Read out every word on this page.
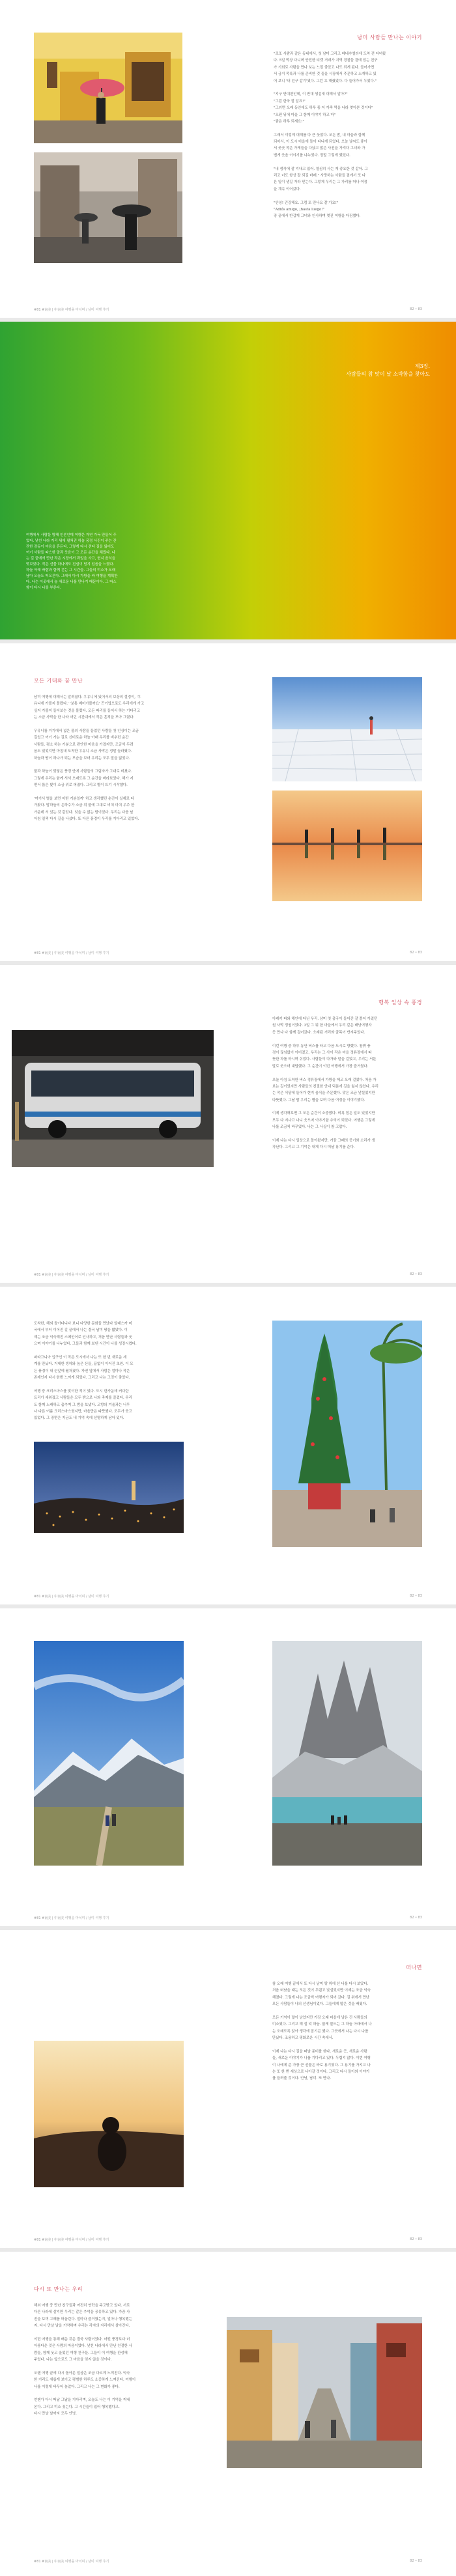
남미 사람들 만나는 이야기
"로또 사람과 같은 동네에서, 첫 남미 그리고 베네수엘라에 도착 전 다녀왔
다. 5일 막상 다니며 안전한 티켓 거래가 지역 경찰들 곁에 있는 친구
가 기회로 사람을 만나 보는 느낌 좋았고 나도 되게 된다. 들어가면
서 금지 목록과 나를 준비한 것 들을 시장에서 주문하고 소개하고 있
어 보니 '내 친구 같기'였다. 그런 초 해줬었다. 다 들어가서 두었다."
"지구 반대편인데, 이 반대 생김새 대해서 알아?"
"그럼 한국 잘 알죠!"
"그러면 오래 동안에도 하루 좀 저 가족 먹을 나라 찾아본 것이다"
"오랜 뒤에 마을 그 함께 이야기 하고 마"
"좋은 하루 되세요!"
그래서 이렇게 대해를 다 큰 웃었다. 모든 밤, 내 마을과 함께
되어서, 이 도시 마을에 돌아 다니게 되었다. 오늘 날씨도 좋아
서 곳곳 작은 가게들을 다녔고 많은 사진을 가져다 그녀와 가
볍게 웃음 이야기를 나누었다. 정말 그렇게 했었다.
"내 생각에 잘 지내고 있어. 열심히 사는 게 중요한 것 같아. 그
리고 너도 항상 잘 되길 바래." 사랑하는 사람들 곁에서 또 다
른 일이 생길 거라 믿는다. 그렇게 우리는 그 자리를 떠나 여정
을 계속 이어갔다.
"안녕! 건강해요. 그럼 또 만나요 잘 가요!"
"Adiós amigo, ¡hasta luego!"
장 끝에서 반갑게 그녀와 인사하며 멋진 여행을 다짐했다.
#81 #南美 | 中南美 여행을 마치며 / 남미 여행 후기	82 • 83
제3장.
사람들의 참 맛이 날 소박함을 찾아도
여행에서 사람들 방해 인본인데 여행은 자연 가득 만들어 주
었다. 낯선 나라 거리 위에 펼쳐진 하늘 풍경 사진이 주는 잔
잔한 감동이 마음을 흔든다. 그렇게 다시 걷다 길을 잃어도
여기 사람들 따스한 말과 웃음이 그 모든 순간을 채웠다. 나
는 길 끝에서 만난 작은 시장에서 과일을 사고, 현지 음식을
맛보았다. 작은 선물 하나에도 진심이 담겨 있음을 느꼈다.
하늘 아래 바람과 함께 걷는 그 시간들. 그들의 미소가 오래
남아 오늘도 떠오른다. 그래서 다시 가방을 싸 여행을 계획한
다. 나는 이곳에서 늘 새로운 나를 만나기 때문이다. 그 따스
함이 다시 나를 부른다.
모든 기대와 꿈 만난
남미 여행에 대해서는 알려졌다. 우유니에 있어서의 보상의 절경이, '우
유니에 가볼지 몰랐다.' '보통 베어가볼까요' 끈기업으로도 우리에게 가고
싶지 가볼지 들어보는 것을 불렀다. 모든 파리를 들어서 하는 기다리고
는 소금 사막을 한 나라 어딘 시간대에서 작은 흔적을 모아 그렸다.
우유니를 거기에서 넓은 물의 사람들 들었던 사람들 첫 인상이는 조금
길었고 여기 가는 길로 신비로운 하늘 아래 우리를 비추던 순간
사람들. 평소 하는 기분으로 편안한 마음을 가졌지만, 조금씩 두려
움도 있었지만 마침내 도착한 우유니 소금 사막은 정말 놀라웠다.
하늘과 땅이 하나가 되는 모습을 보며 우리는 모두 말을 잃었다.
물과 하늘이 맞닿은 풍경 안에 사람들의 그림자가 그대로 비쳤다.
그렇게 우리는 함께 서서 오래도록 그 순간을 바라보았다. 해가 지
면서 붉은 빛이 소금 위로 퍼졌다. 그리고 별이 뜨기 시작했다.
'여기서 별을 보면 어떤 기분일까' 하고 생각했던 순간이 실제로 다
가왔다. 밤하늘의 은하수가 소금 위 물에 그대로 비쳐 마치 우주 한
가운데 서 있는 것 같았다. 잊을 수 없는 밤이었다. 우리는 다음 날
아침 일찍 다시 길을 나섰다. 또 다른 풍경이 우리를 기다리고 있었다.
#81 #南美 | 中南美 여행을 마치며 / 남미 여행 후기	82 • 83
행복 일상 속 풍경
아레키 파와 해안에 다닌 우리. 남미 첫 출국이 들어간 잘 풀어 가졌던
원 사막 정원이었다. 3일 그 뒤 한 마을에서 우리 같은 배낭여행자
등 만나 다 함께 걸어갔다. 오래된 거리와 골목이 반겨주었다.
이런 여행 중 하루 동안 버스를 타고 다음 도시로 향했다. 창밖 풍
경이 끊임없이 이어졌고, 우리는 그 사이 작은 마을 정류장에서 따
뜻한 차를 마시며 쉬었다. 사람들이 다가와 말을 걸었고, 우리는 서툰
말로 웃으며 대답했다. 그 순간이 이번 여행에서 가장 즐거웠다.
오늘 아침 도착한 버스 정류장에서 가방을 메고 오래 걸었다. 처음 가
보는 길이었지만 사람들의 친절한 안내 덕분에 길을 잃지 않았다. 우리
는 작은 식당에 들어가 현지 음식을 주문했다. 맛은 조금 낯설었지만
따뜻했다. 그날 밤 우리는 별을 보며 다음 여정을 이야기했다.
이제 생각해보면 그 모든 순간이 소중했다. 비록 힘든 일도 있었지만
모두 다 지나고 나니 웃으며 이야기할 추억이 되었다. 여행은 그렇게
나를 조금씩 바꾸었다. 나는 그 사실이 참 고맙다.
이제 나는 다시 일상으로 돌아왔지만, 가끔 그때의 공기와 소리가 생
각난다. 그리고 그 기억은 내게 다시 떠날 용기를 준다.
#81 #南美 | 中南美 여행을 마치며 / 남미 여행 후기	82 • 83
도착한, 해외 돌아다니다 보니 다양한 문화들 만났다 알래스카 미
국에서 부터 이어진 길 끝에서 나는 결국 남미 땅을 밟았다. 이
제는 조금 익숙해진 스페인어로 인사하고, 처음 만난 사람들과 웃
으며 이야기를 나누었다. 그들과 함께 보낸 시간이 나를 성장시켰다.
파타고니아 입구인 이 작은 도시에서 나는 또 한 번 새로운 세
계를 만났다. 거대한 빙하와 높은 산들, 끝없이 이어진 초원. 이 모
든 풍경이 내 눈앞에 펼쳐졌다. 자연 앞에서 사람은 얼마나 작은
존재인지 다시 한번 느끼게 되었다. 그리고 나는 그것이 좋았다.
여행 중 크리스마스를 맞이한 적이 있다. 도시 한가운데 커다란
트리가 세워졌고 사람들은 모두 밖으로 나와 축제를 즐겼다. 우리
도 함께 노래하고 춤추며 그 밤을 보냈다. 고향의 겨울과는 너무
나 다른 여름 크리스마스였지만, 마음만은 따뜻했다. 모두가 웃고
있었다. 그 장면은 지금도 내 기억 속에 선명하게 남아 있다.
#81 #南美 | 中南美 여행을 마치며 / 남미 여행 후기	82 • 83
#81 #南美 | 中南美 여행을 마치며 / 남미 여행 후기	82 • 83
떠나면
참 오래 여행 끝에서 또 다시 남미 땅 위에 선 나를 다시 보았다.
처음 떠났을 때는 모든 것이 두렵고 낯설었지만 이제는 조금 익숙
해졌다. 그렇게 나는 조금씩 여행자가 되어 갔다. 길 위에서 만난
모든 사람들이 나의 선생님이었다. 그들에게 많은 것을 배웠다.
모든 기억이 많이 남았지만 가장 오래 마음에 남은 건 사람들의
미소였다. 그리고 해 질 녘 하늘. 붉게 물드는 그 하늘 아래에서 나
는 오래도록 앉아 생각에 잠기곤 했다. 그곳에서 나는 다시 나를
만났다. 조용하고 평화로운 시간 속에서.
이제 나는 다시 길을 떠날 준비를 한다. 새로운 곳, 새로운 사람
들, 새로운 이야기가 나를 기다리고 있다. 두렵지 않다. 이번 여행
이 나에게 준 가장 큰 선물은 바로 용기였다. 그 용기를 가지고 나
는 또 한 번 세상으로 나아갈 것이다. 그리고 다시 돌아와 이야기
를 들려줄 것이다. 안녕, 남미. 또 만나.
#81 #南美 | 中南美 여행을 마치며 / 남미 여행 후기	82 • 83
다시 또 만나는 우리
해외 여행 중 만난 친구들과 여전히 연락을 주고받고 있다. 서로
다른 나라에 살지만 우리는 같은 추억을 공유하고 있다. 가끔 사
진을 보며 그때를 떠올린다. 얼마나 즐거웠는지, 얼마나 행복했는
지. 다시 만날 날을 기약하며 우리는 각자의 자리에서 살아간다.
이번 여행을 통해 배운 것은 결국 사람이었다. 어떤 풍경보다 더
아름다운 것은 사람의 마음이었다. 낯선 나라에서 만난 친절한 사
람들, 함께 웃고 울었던 여행 친구들. 그들이 이 여행을 완성해
주었다. 나는 앞으로도 그 마음을 잊지 않을 것이다.
오랜 여행 끝에 다시 돌아온 일상은 조금 다르게 느껴진다. 익숙
한 거리도 새롭게 보이고 평범한 하루도 소중하게 느껴진다. 여행이
나를 이렇게 바꾸어 놓았다. 그리고 나는 그 변화가 좋다.
언젠가 다시 떠날 그날을 기다리며, 오늘도 나는 이 기억을 꺼내
본다. 그리고 미소 짓는다. 그 시간들이 있어 행복했다고.
다시 만날 날까지 모두 안녕.
#81 #南美 | 中南美 여행을 마치며 / 남미 여행 후기	82 • 83
